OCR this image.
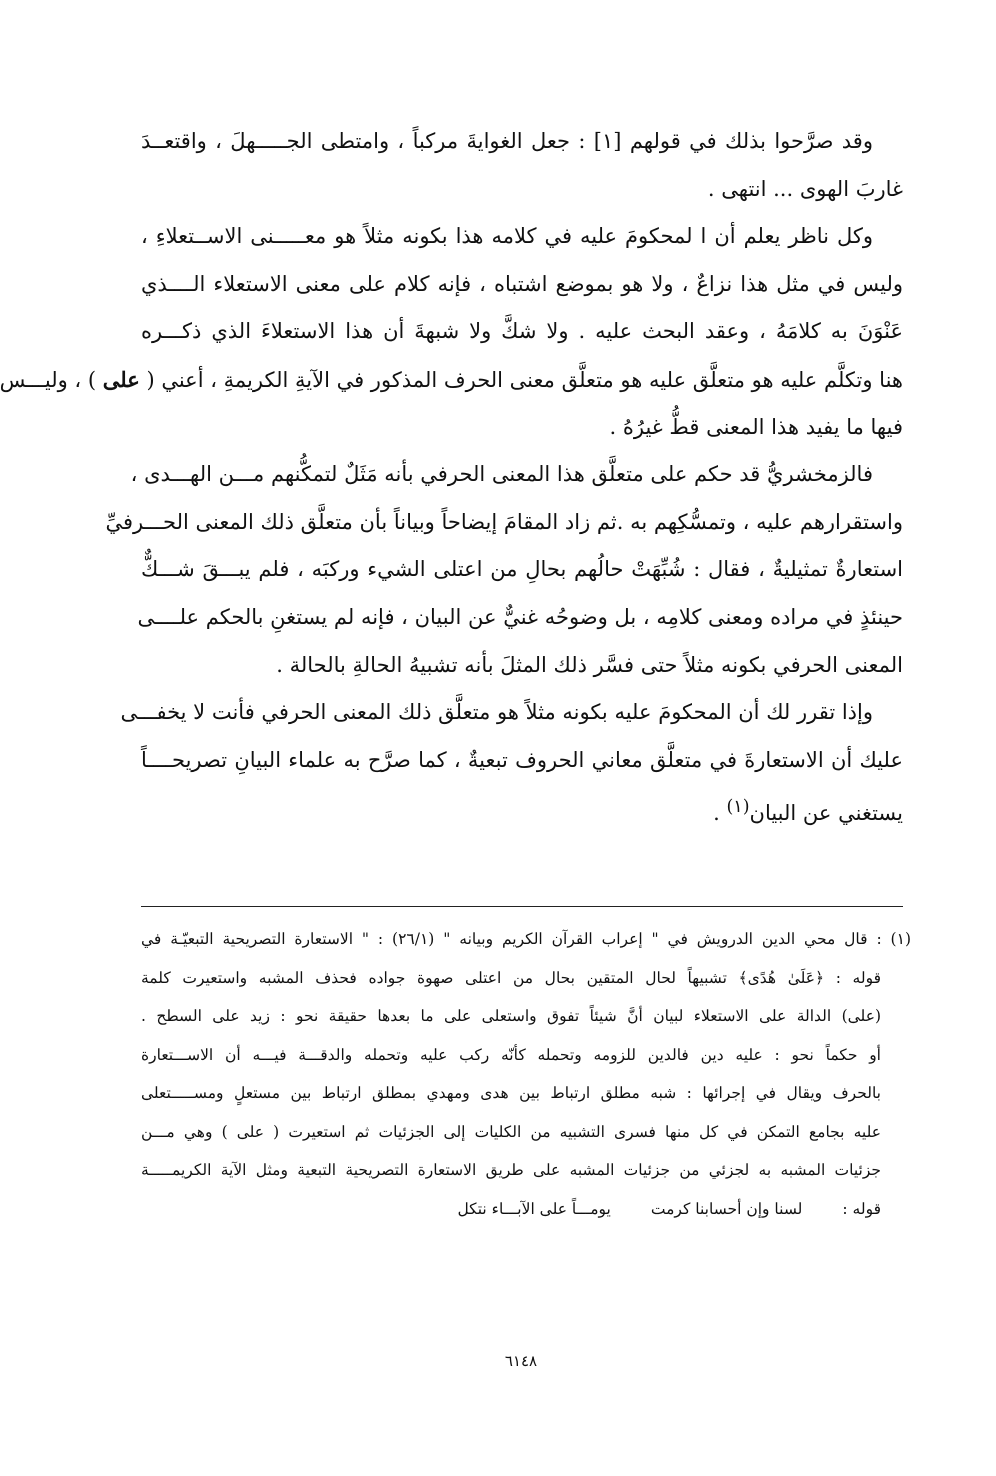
وقد صرَّحوا بذلك في قولهم [١] : جعل الغوايةَ مركباً ، وامتطى الجـــــهلَ ، واقتعــدَ
غاربَ الهوى ... انتهى .
وكل ناظر يعلم أن ا لمحكومَ عليه في كلامه هذا بكونه مثلاً هو معـــــنى الاســتعلاءِ ،
وليس في مثل هذا نزاعٌ ، ولا هو بموضع اشتباه ، فإنه كلام على معنى الاستعلاء الــــذي
عَنْوَنَ به كلامَهُ ، وعقد البحث عليه . ولا شكَّ ولا شبهةَ أن هذا الاستعلاءَ الذي ذكـــره
هنا وتكلَّم عليه هو متعلَّق عليه هو متعلَّق معنى الحرف المذكور في الآيةِ الكريمةِ ، أعني ( على ) ، وليـــس
فيها ما يفيد هذا المعنى قطُّ غيرُهُ .
فالزمخشريُّ قد حكم على متعلَّق هذا المعنى الحرفي بأنه مَثَلٌ لتمكُّنهم مـــن الهـــدى ،
واستقرارهم عليه ، وتمسُّكِهم به .ثم زاد المقامَ إيضاحاً وبياناً بأن متعلَّق ذلك المعنى الحـــرفيِّ
استعارةٌ تمثيليةٌ ، فقال : شُبِّهَتْ حالُهم بحالِ من اعتلى الشيء وركبَه ، فلم يبـــقَ شـــكٌّ
حينئذٍ في مراده ومعنى كلامِه ، بل وضوحُه غنيٌّ عن البيان ، فإنه لم يستغنِ بالحكم علــــى
المعنى الحرفي بكونه مثلاً حتى فسَّر ذلك المثلَ بأنه تشبيهُ الحالةِ بالحالة .
وإذا تقرر لك أن المحكومَ عليه بكونه مثلاً هو متعلَّق ذلك المعنى الحرفي فأنت لا يخفـــى
عليك أن الاستعارةَ في متعلَّق معاني الحروف تبعيةٌ ، كما صرَّح به علماء البيانِ تصريحــــاً
يستغني عن البيان$^{(١)}$ .
(١) : قال محي الدين الدرويش في " إعراب القرآن الكريم وبيانه " (٢٦/١) : " الاستعارة التصريحية التبعيّـة في
قوله : ﴿عَلَىٰ هُدًى﴾ تشبيهاً لحال المتقين بحال من اعتلى صهوة جواده فحذف المشبه واستعيرت كلمة
(على) الدالة على الاستعلاء لبيان أنَّ شيئاً تفوق واستعلى على ما بعدها حقيقة نحو : زيد على السطح .
أو حكماً نحو : عليه دين فالدين للزومه وتحمله كأنّه ركب عليه وتحمله والدقـــة فيـــه أن الاســـتعارة
بالحرف ويقال في إجرائها : شبه مطلق ارتباط بين هدى ومهدي بمطلق ارتباط بين مستعلٍ ومســـــتعلى
عليه بجامع التمكن في كل منها فسرى التشبيه من الكليات إلى الجزئيات ثم استعيرت ( على ) وهي مـــن
جزئيات المشبه به لجزئي من جزئيات المشبه على طريق الاستعارة التصريحية التبعية ومثل الآية الكريمـــــة
قوله :
لسنا وإن أحسابنا كرمت
يومـــاً على الآبـــاء نتكل
٦١٤٨
